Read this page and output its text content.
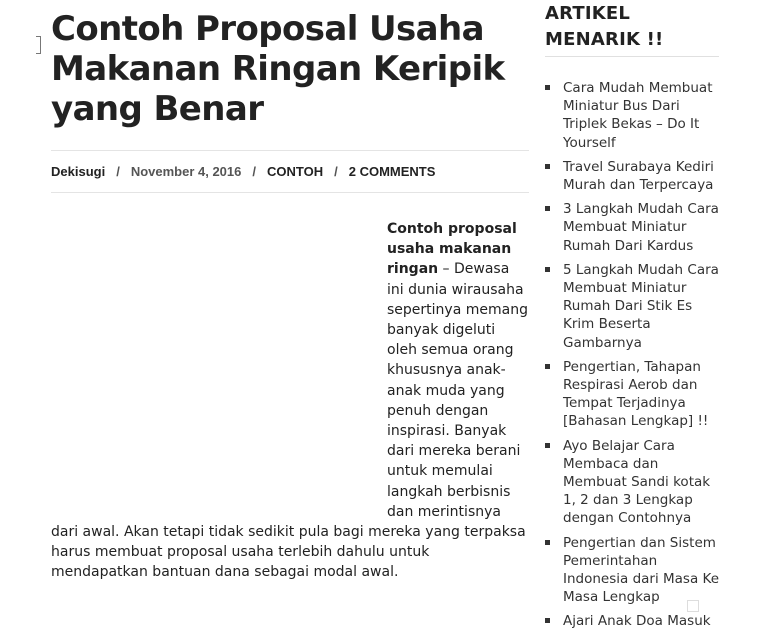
Contoh Proposal Usaha Makanan Ringan Keripik yang Benar
Dekisugi / November 4, 2016 / CONTOH / 2 COMMENTS

Contoh proposal usaha makanan ringan – Dewasa ini dunia wirausaha sepertinya memang banyak digeluti oleh semua orang khususnya anak-anak muda yang penuh dengan inspirasi. Banyak dari mereka berani untuk memulai langkah berbisnis dan merintisnya dari awal. Akan tetapi tidak sedikit pula bagi mereka yang terpaksa harus membuat proposal usaha terlebih dahulu untuk mendapatkan bantuan dana sebagai modal awal.

ARTIKEL MENARIK !!
Cara Mudah Membuat Miniatur Bus Dari Triplek Bekas – Do It Yourself
Travel Surabaya Kediri Murah dan Terpercaya
3 Langkah Mudah Cara Membuat Miniatur Rumah Dari Kardus
5 Langkah Mudah Cara Membuat Miniatur Rumah Dari Stik Es Krim Beserta Gambarnya
Pengertian, Tahapan Respirasi Aerob dan Tempat Terjadinya [Bahasan Lengkap] !!
Ayo Belajar Cara Membaca dan Membuat Sandi kotak 1, 2 dan 3 Lengkap dengan Contohnya
Pengertian dan Sistem Pemerintahan Indonesia dari Masa Ke Masa Lengkap
Ajari Anak Doa Masuk
